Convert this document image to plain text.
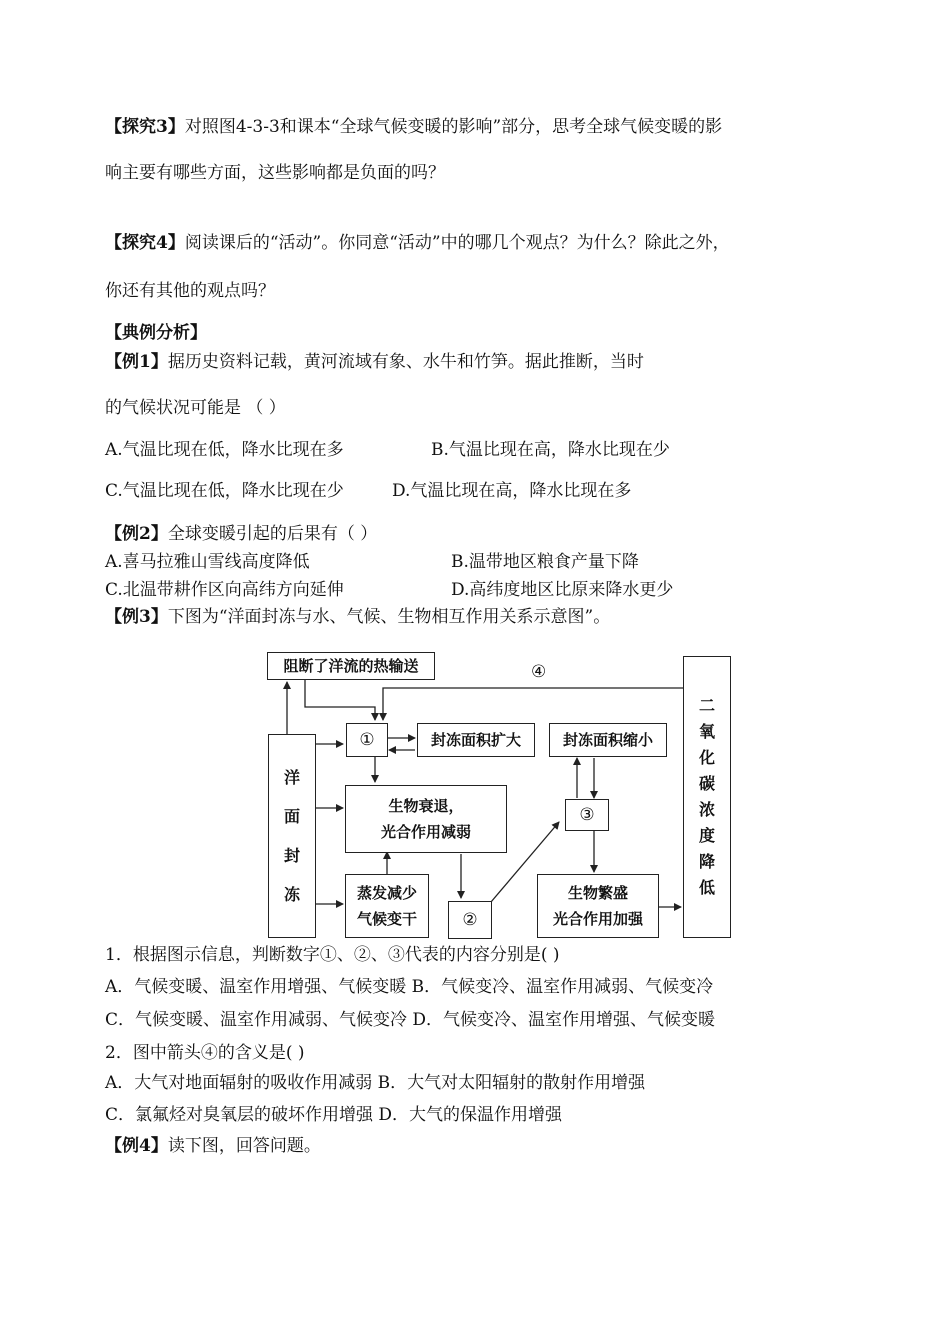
【探究3】对照图4-3-3和课本“全球气候变暖的影响”部分，思考全球气候变暖的影
响主要有哪些方面，这些影响都是负面的吗？
【探究4】阅读课后的“活动”。你同意“活动”中的哪几个观点？为什么？除此之外，
你还有其他的观点吗？
【典例分析】
【例1】据历史资料记载，黄河流域有象、水牛和竹笋。据此推断，当时
的气候状况可能是 （ ）
A.气温比现在低，降水比现在多	B.气温比现在高，降水比现在少
C.气温比现在低，降水比现在少	D.气温比现在高，降水比现在多
【例2】全球变暖引起的后果有（ ）
A.喜马拉雅山雪线高度降低	B.温带地区粮食产量下降
C.北温带耕作区向高纬方向延伸	D.高纬度地区比原来降水更少
【例3】下图为“洋面封冻与水、气候、生物相互作用关系示意图”。
阻断了洋流的热输送	④
①	封冻面积扩大	封冻面积缩小
生物衰退，
光合作用减弱
③
洋
面
封
冻	蒸发减少
气候变干	②
生物繁盛
光合作用加强
二
氧
化
碳
浓
度
降
低
1．根据图示信息，判断数字①、②、③代表的内容分别是( )
A．气候变暖、温室作用增强、气候变暖 B．气候变冷、温室作用减弱、气候变冷
C．气候变暖、温室作用减弱、气候变冷 D．气候变冷、温室作用增强、气候变暖
2．图中箭头④的含义是( )
A．大气对地面辐射的吸收作用减弱 B．大气对太阳辐射的散射作用增强
C．氯氟烃对臭氧层的破坏作用增强 D．大气的保温作用增强
【例4】读下图，回答问题。
